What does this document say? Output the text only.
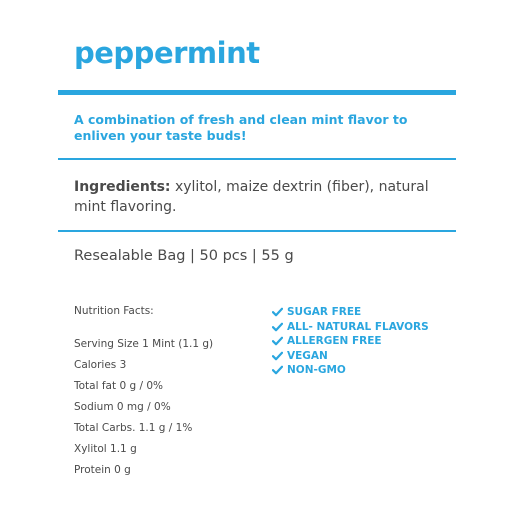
peppermint
A combination of fresh and clean mint flavor to enliven your taste buds!
Ingredients: xylitol, maize dextrin (fiber), natural mint flavoring.
Resealable Bag | 50 pcs | 55 g
Nutrition Facts:
Serving Size 1 Mint (1.1 g)
Calories 3
Total fat 0 g / 0%
Sodium 0 mg / 0%
Total Carbs. 1.1 g / 1%
Xylitol 1.1 g
Protein 0 g
SUGAR FREE
ALL- NATURAL FLAVORS
ALLERGEN FREE
VEGAN
NON-GMO
